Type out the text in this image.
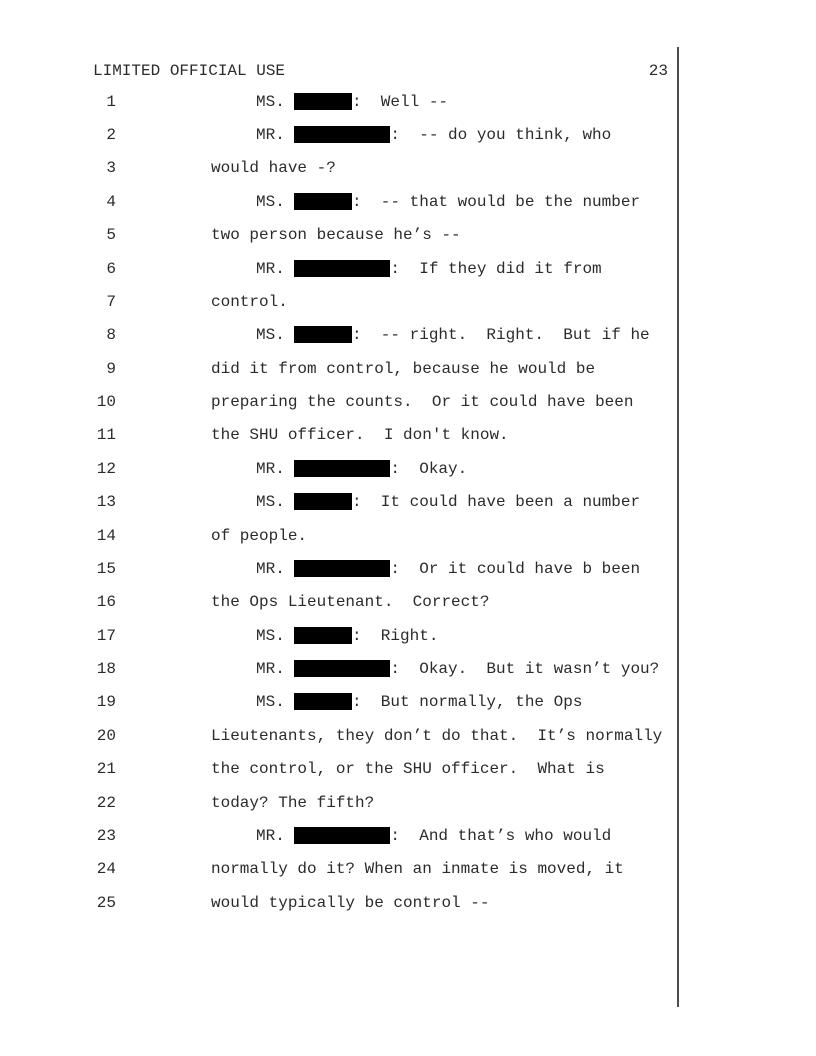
LIMITED OFFICIAL USE	23
1	MS.	:  Well --
2	MR.	:  -- do you think, who
3	would have -?
4	MS.	:  -- that would be the number
5	two person because he’s --
6	MR.	:  If they did it from
7	control.
8	MS.	:  -- right.  Right.  But if he
9	did it from control, because he would be
10	preparing the counts.  Or it could have been
11	the SHU officer.  I don't know.
12	MR.	:  Okay.
13	MS.	:  It could have been a number
14	of people.
15	MR.	:  Or it could have b been
16	the Ops Lieutenant.  Correct?
17	MS.	:  Right.
18	MR.	:  Okay.  But it wasn’t you?
19	MS.	:  But normally, the Ops
20	Lieutenants, they don’t do that.  It’s normally
21	the control, or the SHU officer.  What is
22	today? The fifth?
23	MR.	:  And that’s who would
24	normally do it? When an inmate is moved, it
25	would typically be control --
